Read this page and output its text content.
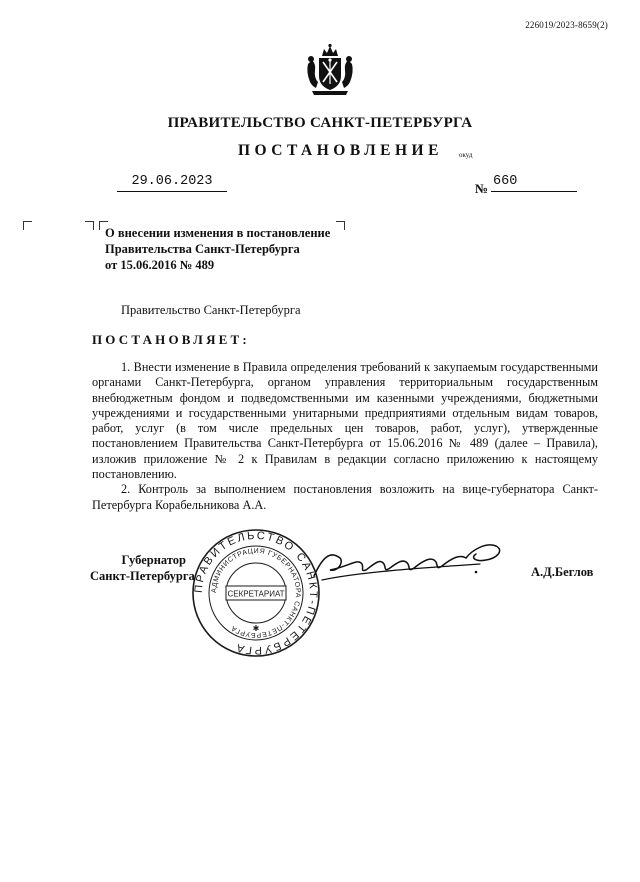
226019/2023-8659(2)
ПРАВИТЕЛЬСТВО САНКТ-ПЕТЕРБУРГА
ПОСТАНОВЛЕНИЕ окуд
29.06.2023	№ 660
О внесении изменения в постановление
Правительства Санкт-Петербурга
от 15.06.2016 № 489
Правительство Санкт-Петербурга
ПОСТАНОВЛЯЕТ:

1. Внести изменение в Правила определения требований к закупаемым государственными органами Санкт-Петербурга, органом управления территориальным государственным внебюджетным фондом и подведомственными им казенными учреждениями, бюджетными учреждениями и государственными унитарными предприятиями отдельным видам товаров, работ, услуг (в том числе предельных цен товаров, работ, услуг), утвержденные постановлением Правительства Санкт-Петербурга от 15.06.2016 № 489 (далее – Правила), изложив приложение № 2 к Правилам в редакции согласно приложению к настоящему постановлению.

2. Контроль за выполнением постановления возложить на вице-губернатора Санкт-Петербурга Корабельникова А.А.

Губернатор
Санкт-Петербурга
ПРАВИТЕЛЬСТВО САНКТ-ПЕТЕРБУРГА
АДМИНИСТРАЦИЯ ГУБЕРНАТОРА САНКТ-ПЕТЕРБУРГА
СЕКРЕТАРИАТ
✱
А.Д.Беглов
